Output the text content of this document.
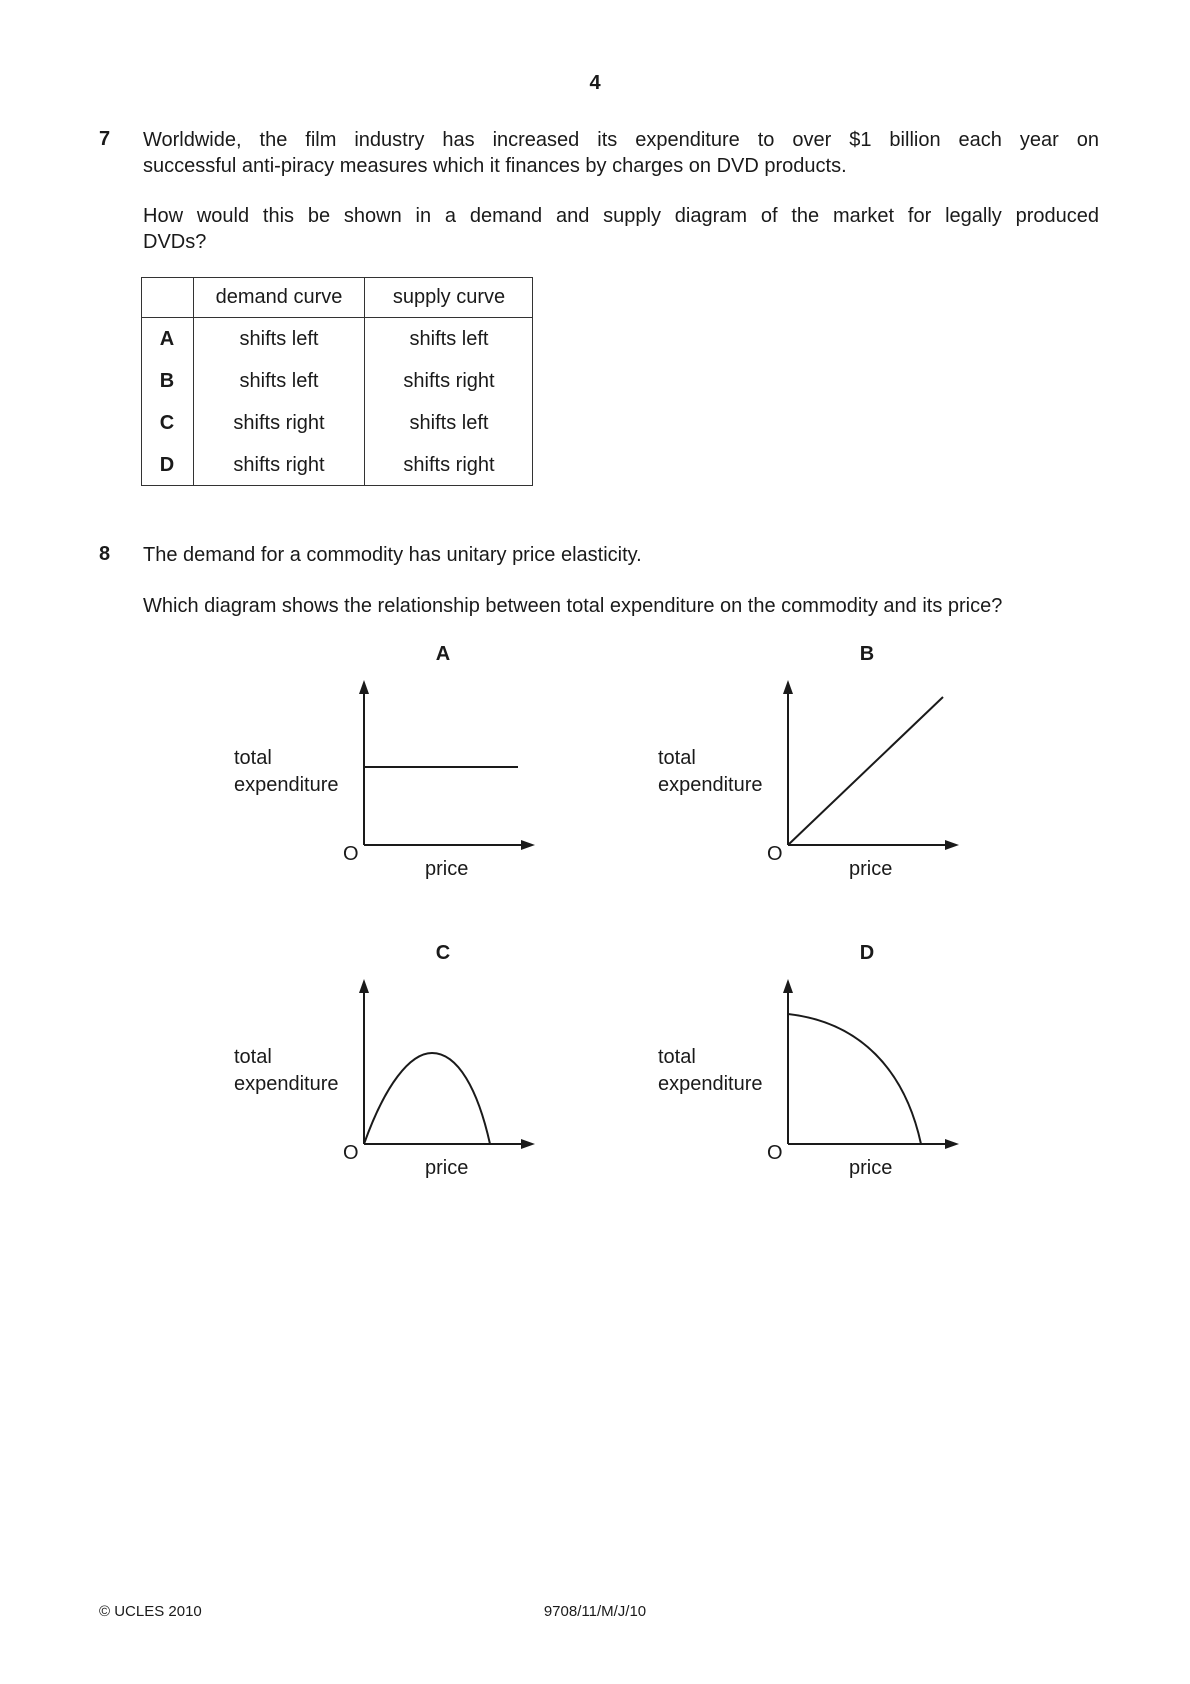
4
7 Worldwide, the film industry has increased its expenditure to over $1 billion each year on
successful anti-piracy measures which it finances by charges on DVD products.
How would this be shown in a demand and supply diagram of the market for legally produced
DVDs?
	demand curve	supply curve
A	shifts left	shifts left
B	shifts left	shifts right
C	shifts right	shifts left
D	shifts right	shifts right
8 The demand for a commodity has unitary price elasticity.
Which diagram shows the relationship between total expenditure on the commodity and its price?
A
total
expenditure
O
price
B
total
expenditure
O
price
C
total
expenditure
O
price
D
total
expenditure
O
price
© UCLES 2010	9708/11/M/J/10
